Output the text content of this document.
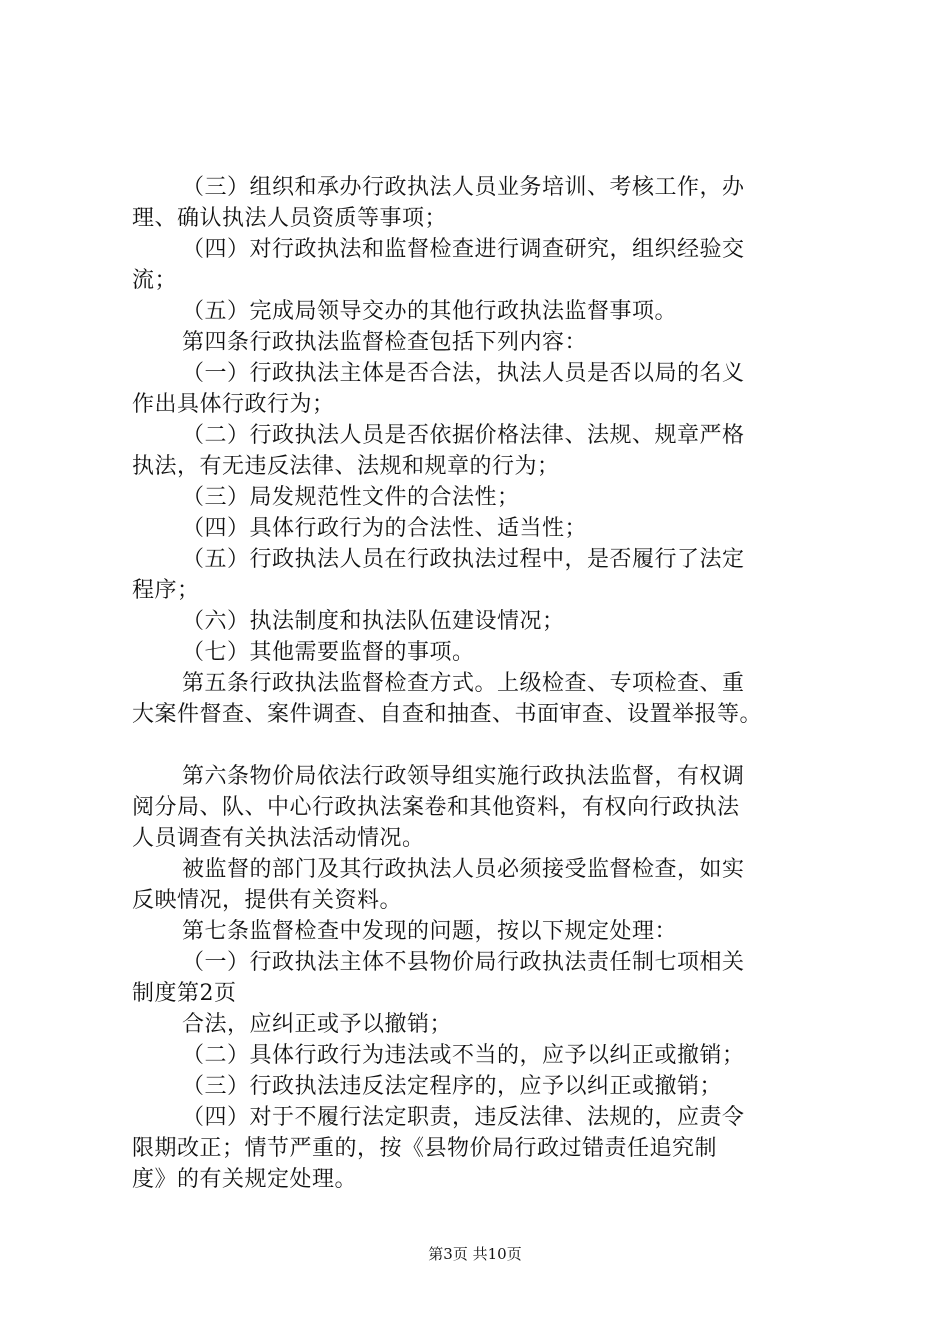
（三）组织和承办行政执法人员业务培训、考核工作，办
理、确认执法人员资质等事项；
（四）对行政执法和监督检查进行调查研究，组织经验交
流；
（五）完成局领导交办的其他行政执法监督事项。
第四条行政执法监督检查包括下列内容：
（一）行政执法主体是否合法，执法人员是否以局的名义
作出具体行政行为；
（二）行政执法人员是否依据价格法律、法规、规章严格
执法，有无违反法律、法规和规章的行为；
（三）局发规范性文件的合法性；
（四）具体行政行为的合法性、适当性；
（五）行政执法人员在行政执法过程中，是否履行了法定
程序；
（六）执法制度和执法队伍建设情况；
（七）其他需要监督的事项。
第五条行政执法监督检查方式。上级检查、专项检查、重
大案件督查、案件调查、自查和抽查、书面审查、设置举报等。
第六条物价局依法行政领导组实施行政执法监督，有权调
阅分局、队、中心行政执法案卷和其他资料，有权向行政执法
人员调查有关执法活动情况。
被监督的部门及其行政执法人员必须接受监督检查，如实
反映情况，提供有关资料。
第七条监督检查中发现的问题，按以下规定处理：
（一）行政执法主体不县物价局行政执法责任制七项相关
制度第2页
合法，应纠正或予以撤销；
（二）具体行政行为违法或不当的，应予以纠正或撤销；
（三）行政执法违反法定程序的，应予以纠正或撤销；
（四）对于不履行法定职责，违反法律、法规的，应责令
限期改正；情节严重的，按《县物价局行政过错责任追究制
度》的有关规定处理。
第3页 共10页
